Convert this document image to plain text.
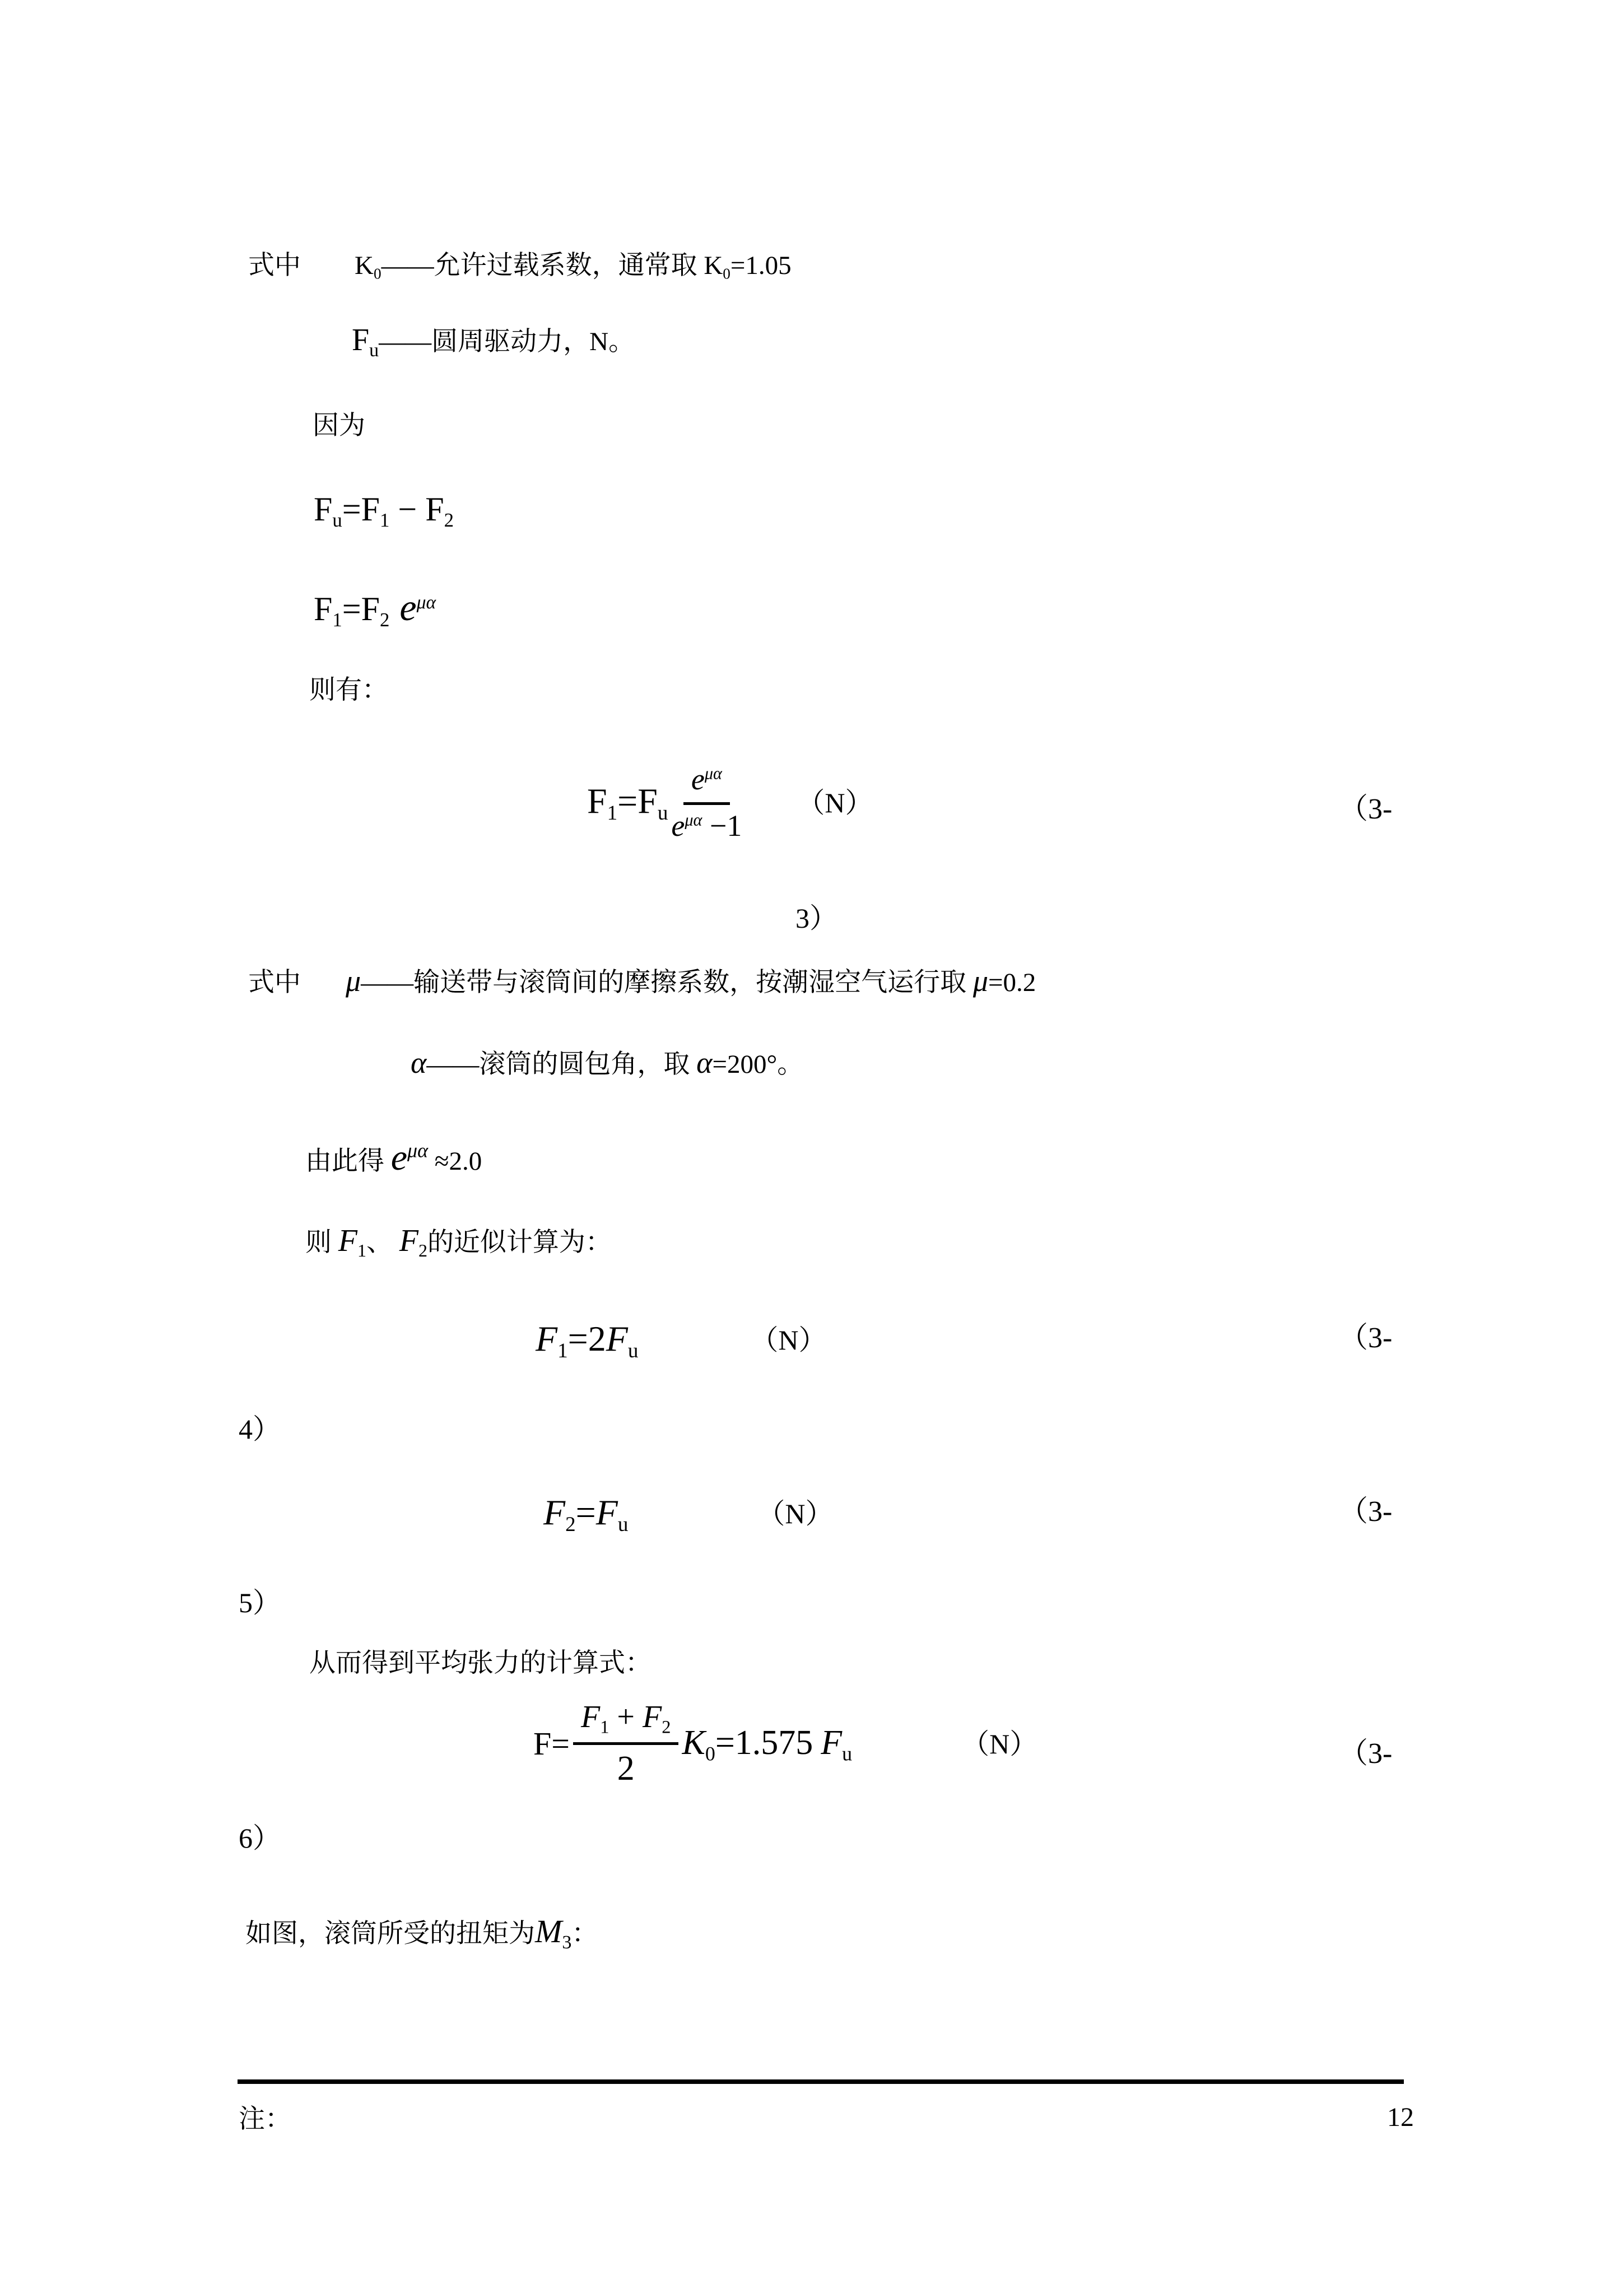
式中 $K_0——$允许过载系数，通常取 $K_0=1.05$
$F_u——$圆周驱动力，N。
因为
$F_u=F_1 - F_2$
$F_1=F_2$ $e^{\mu\alpha}$
则有：
$F_1=F_u \frac{e^{\mu\alpha}}{e^{\mu\alpha} -1} (N)$	（3-
3）
式中 μ——输送带与滚筒间的摩擦系数，按潮湿空气运行取 μ=0.2
α——滚筒的圆包角，取 α=200°。
由此得 $e^{\mu\alpha} \approx 2.0$
则 $F_1$、 $F_2$的近似计算为：
$F_1=2F_u$	（N）	（3-
4）
$F_2=F_u$	（N）	（3-
5）
从而得到平均张力的计算式：
$F= \frac{F_1 + F_2}{2} K_0=1.575$ $F_u$	（N）	（3-
6）
如图，滚筒所受的扭矩为$M_3$：
注：	12
